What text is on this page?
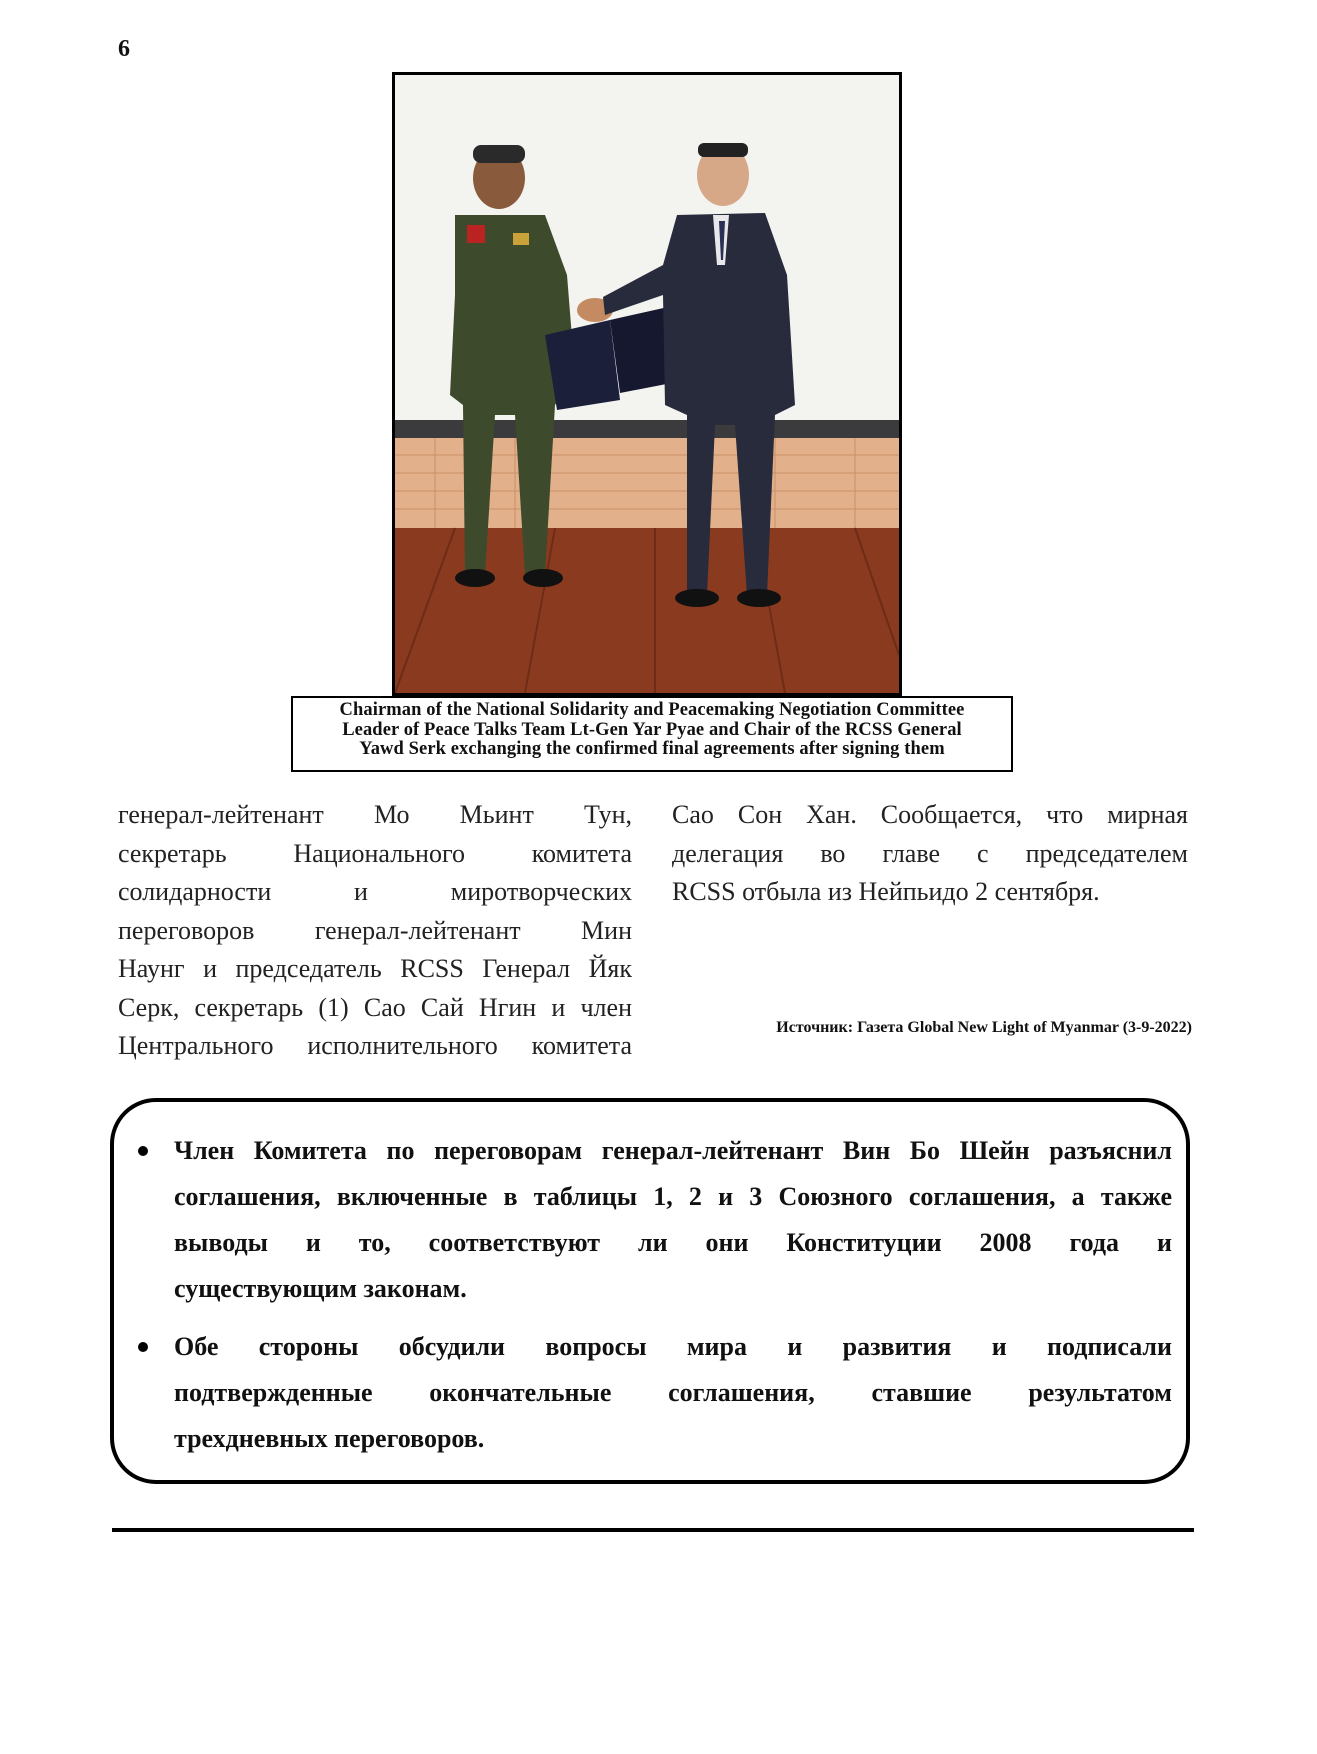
6
Chairman of the National Solidarity and Peacemaking Negotiation Committee
Leader of Peace Talks Team Lt-Gen Yar Pyae and Chair of the RCSS General
Yawd Serk exchanging the confirmed final agreements after signing them
генерал-лейтенант Мо Мьинт Тун,
секретарь Национального комитета
солидарности и миротворческих
переговоров генерал-лейтенант Мин
Наунг и председатель RCSS Генерал Йяк
Серк, секретарь (1) Сао Сай Нгин и член
Центрального исполнительного комитета
Сао Сон Хан. Сообщается, что мирная
делегация во главе с председателем
RCSS отбыла из Нейпьидо 2 сентября.
Источник: Газета Global New Light of Myanmar (3-9-2022)
Член Комитета по переговорам генерал-лейтенант Вин Бо Шейн разъяснил
соглашения, включенные в таблицы 1, 2 и 3 Союзного соглашения, а также
выводы и то, соответствуют ли они Конституции 2008 года и
существующим законам.
Обе стороны обсудили вопросы мира и развития и подписали
подтвержденные окончательные соглашения, ставшие результатом
трехдневных переговоров.
